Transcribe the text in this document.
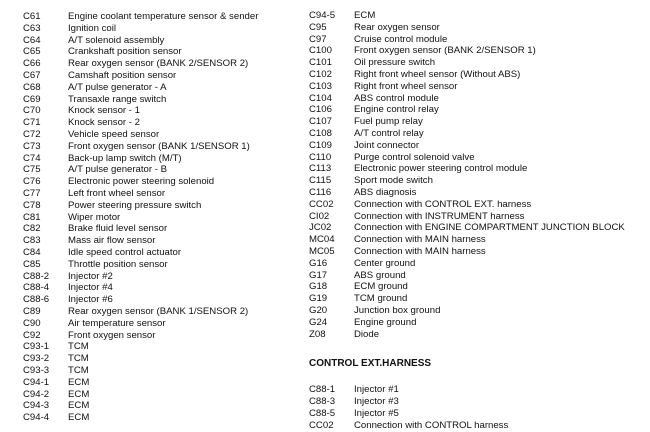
C61	Engine coolant temperature sensor & sender
C63	Ignition coil
C64	A/T solenoid assembly
C65	Crankshaft position sensor
C66	Rear oxygen sensor (BANK 2/SENSOR 2)
C67	Camshaft position sensor
C68	A/T pulse generator - A
C69	Transaxle range switch
C70	Knock sensor - 1
C71	Knock sensor - 2
C72	Vehicle speed sensor
C73	Front oxygen sensor (BANK 1/SENSOR 1)
C74	Back-up lamp switch (M/T)
C75	A/T pulse generator - B
C76	Electronic power steering solenoid
C77	Left front wheel sensor
C78	Power steering pressure switch
C81	Wiper motor
C82	Brake fluid level sensor
C83	Mass air flow sensor
C84	Idle speed control actuator
C85	Throttle position sensor
C88-2	Injector #2
C88-4	Injector #4
C88-6	Injector #6
C89	Rear oxygen sensor (BANK 1/SENSOR 2)
C90	Air temperature sensor
C92	Front oxygen sensor
C93-1	TCM
C93-2	TCM
C93-3	TCM
C94-1	ECM
C94-2	ECM
C94-3	ECM
C94-4	ECM
C94-5	ECM
C95	Rear oxygen sensor
C97	Cruise control module
C100	Front oxygen sensor (BANK 2/SENSOR 1)
C101	Oil pressure switch
C102	Right front wheel sensor (Without ABS)
C103	Right front wheel sensor
C104	ABS control module
C106	Engine control relay
C107	Fuel pump relay
C108	A/T control relay
C109	Joint connector
C110	Purge control solenoid valve
C113	Electronic power steering control module
C115	Sport mode switch
C116	ABS diagnosis
CC02	Connection with CONTROL EXT. harness
CI02	Connection with INSTRUMENT harness
JC02	Connection with ENGINE COMPARTMENT JUNCTION BLOCK
MC04	Connection with MAIN harness
MC05	Connection with MAIN harness
G16	Center ground
G17	ABS ground
G18	ECM ground
G19	TCM ground
G20	Junction box ground
G24	Engine ground
Z08	Diode
CONTROL EXT.HARNESS
C88-1	Injector #1
C88-3	Injector #3
C88-5	Injector #5
CC02	Connection with CONTROL harness
